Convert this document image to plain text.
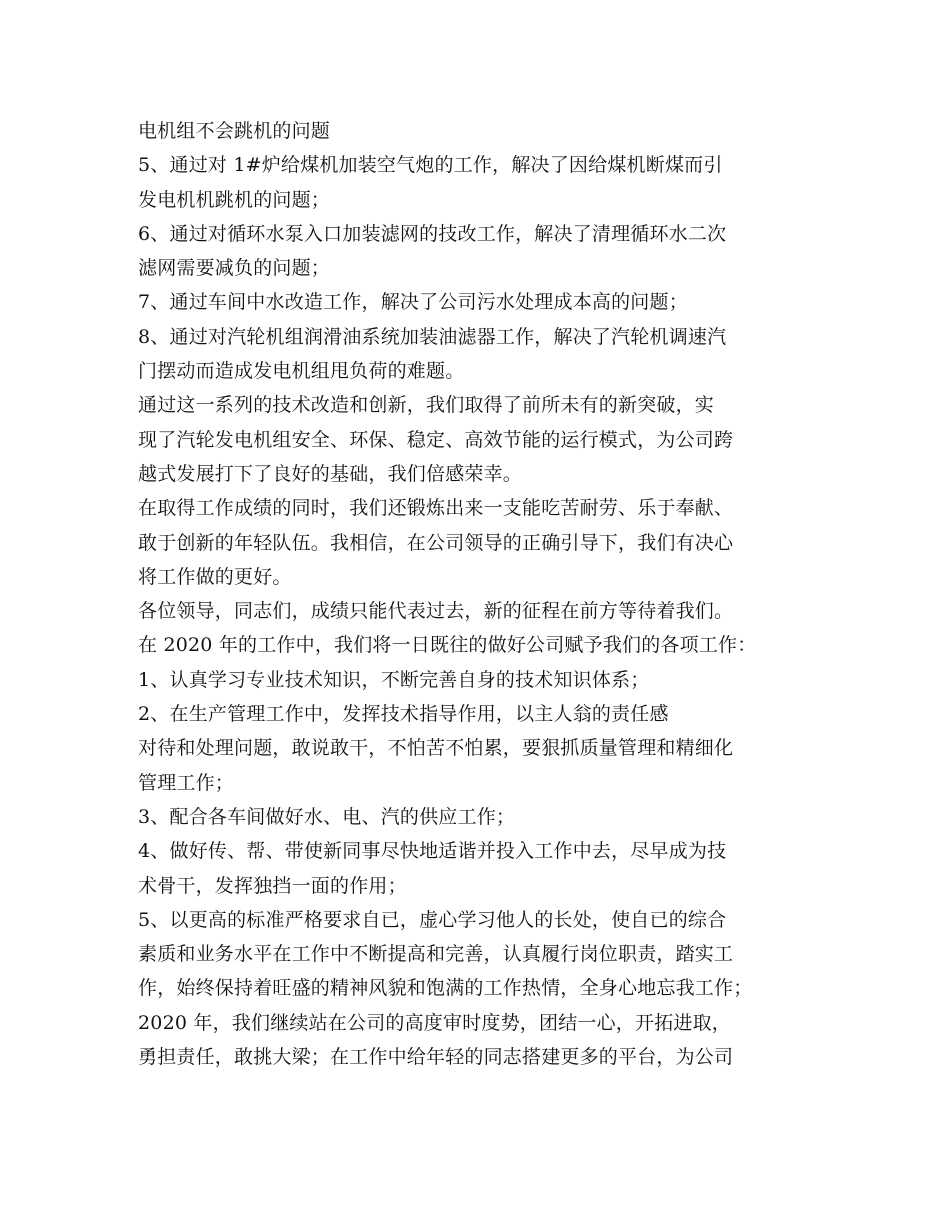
电机组不会跳机的问题
5、通过对 1#炉给煤机加装空气炮的工作，解决了因给煤机断煤而引
发电机机跳机的问题；
6、通过对循环水泵入口加装滤网的技改工作，解决了清理循环水二次
滤网需要减负的问题；
7、通过车间中水改造工作，解决了公司污水处理成本高的问题；
8、通过对汽轮机组润滑油系统加装油滤器工作，解决了汽轮机调速汽
门摆动而造成发电机组甩负荷的难题。
通过这一系列的技术改造和创新，我们取得了前所未有的新突破，实
现了汽轮发电机组安全、环保、稳定、高效节能的运行模式，为公司跨
越式发展打下了良好的基础，我们倍感荣幸。
在取得工作成绩的同时，我们还锻炼出来一支能吃苦耐劳、乐于奉献、
敢于创新的年轻队伍。我相信，在公司领导的正确引导下，我们有决心
将工作做的更好。
各位领导，同志们，成绩只能代表过去，新的征程在前方等待着我们。
在 2020 年的工作中，我们将一日既往的做好公司赋予我们的各项工作：
1、认真学习专业技术知识，不断完善自身的技术知识体系；
2、在生产管理工作中，发挥技术指导作用，以主人翁的责任感
对待和处理问题，敢说敢干，不怕苦不怕累，要狠抓质量管理和精细化
管理工作；
3、配合各车间做好水、电、汽的供应工作；
4、做好传、帮、带使新同事尽快地适谐并投入工作中去，尽早成为技
术骨干，发挥独挡一面的作用；
5、以更高的标准严格要求自已，虚心学习他人的长处，使自已的综合
素质和业务水平在工作中不断提高和完善，认真履行岗位职责，踏实工
作，始终保持着旺盛的精神风貌和饱满的工作热情，全身心地忘我工作；
2020 年，我们继续站在公司的高度审时度势，团结一心，开拓进取，
勇担责任，敢挑大梁；在工作中给年轻的同志搭建更多的平台，为公司
